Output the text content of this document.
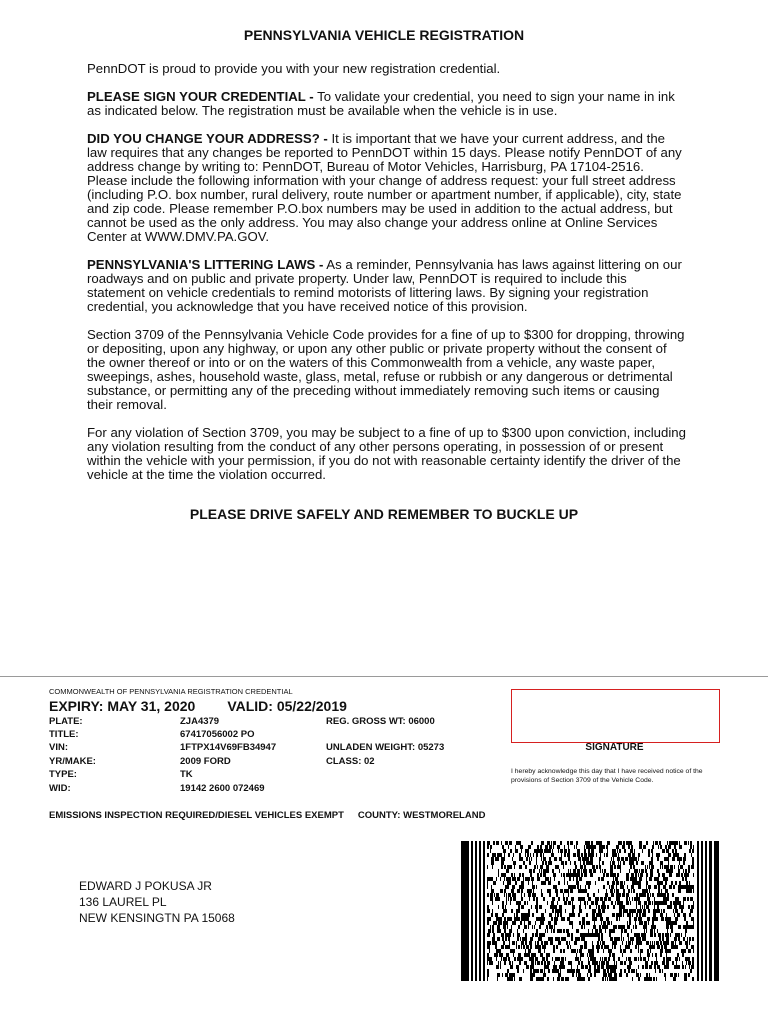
PENNSYLVANIA VEHICLE REGISTRATION

PennDOT is proud to provide you with your new registration credential.

PLEASE SIGN YOUR CREDENTIAL - To validate your credential, you need to sign your name in ink as indicated below. The registration must be available when the vehicle is in use.

DID YOU CHANGE YOUR ADDRESS? - It is important that we have your current address, and the law requires that any changes be reported to PennDOT within 15 days. Please notify PennDOT of any address change by writing to: PennDOT, Bureau of Motor Vehicles, Harrisburg, PA 17104-2516. Please include the following information with your change of address request: your full street address (including P.O. box number, rural delivery, route number or apartment number, if applicable), city, state and zip code. Please remember P.O.box numbers may be used in addition to the actual address, but cannot be used as the only address. You may also change your address online at Online Services Center at WWW.DMV.PA.GOV.

PENNSYLVANIA'S LITTERING LAWS - As a reminder, Pennsylvania has laws against littering on our roadways and on public and private property. Under law, PennDOT is required to include this statement on vehicle credentials to remind motorists of littering laws. By signing your registration credential, you acknowledge that you have received notice of this provision.

Section 3709 of the Pennsylvania Vehicle Code provides for a fine of up to $300 for dropping, throwing or depositing, upon any highway, or upon any other public or private property without the consent of the owner thereof or into or on the waters of this Commonwealth from a vehicle, any waste paper, sweepings, ashes, household waste, glass, metal, refuse or rubbish or any dangerous or detrimental substance, or permitting any of the preceding without immediately removing such items or causing their removal.

For any violation of Section 3709, you may be subject to a fine of up to $300 upon conviction, including any violation resulting from the conduct of any other persons operating, in possession of or present within the vehicle with your permission, if you do not with reasonable certainty identify the driver of the vehicle at the time the violation occurred.

PLEASE DRIVE SAFELY AND REMEMBER TO BUCKLE UP
COMMONWEALTH OF PENNSYLVANIA REGISTRATION CREDENTIAL
EXPIRY: MAY 31, 2020 VALID: 05/22/2019
PLATE:	ZJA4379	REG. GROSS WT: 06000
TITLE:	67417056002 PO
VIN:	1FTPX14V69FB34947	UNLADEN WEIGHT: 05273
YR/MAKE:	2009 FORD	CLASS: 02
TYPE:	TK
WID:	19142 2600 072469
SIGNATURE
I hereby acknowledge this day that I have received notice of the provisions of Section 3709 of the Vehicle Code.
EMISSIONS INSPECTION REQUIRED/DIESEL VEHICLES EXEMPT COUNTY: WESTMORELAND
EDWARD J POKUSA JR
136 LAUREL PL
NEW KENSINGTN PA 15068
